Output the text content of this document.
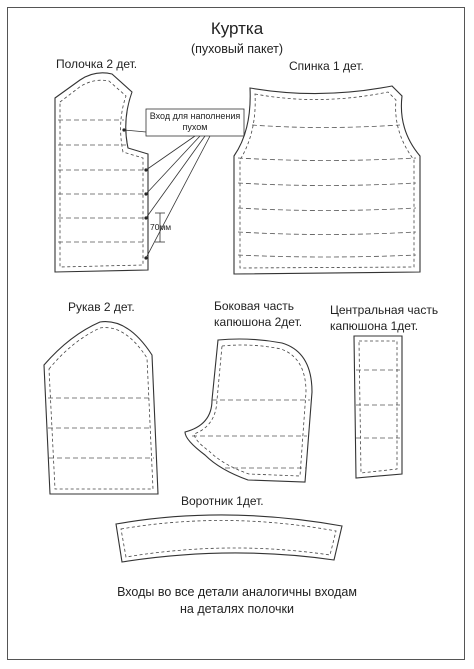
Куртка
(пуховый пакет)
Полочка 2 дет.	Спинка 1 дет.
Вход для наполнения
пухом
70мм
Рукав 2 дет.	Боковая часть
капюшона 2дет.
Центральная часть
капюшона 1дет.
Воротник 1дет.
Входы во все детали аналогичны входам
на деталях полочки
